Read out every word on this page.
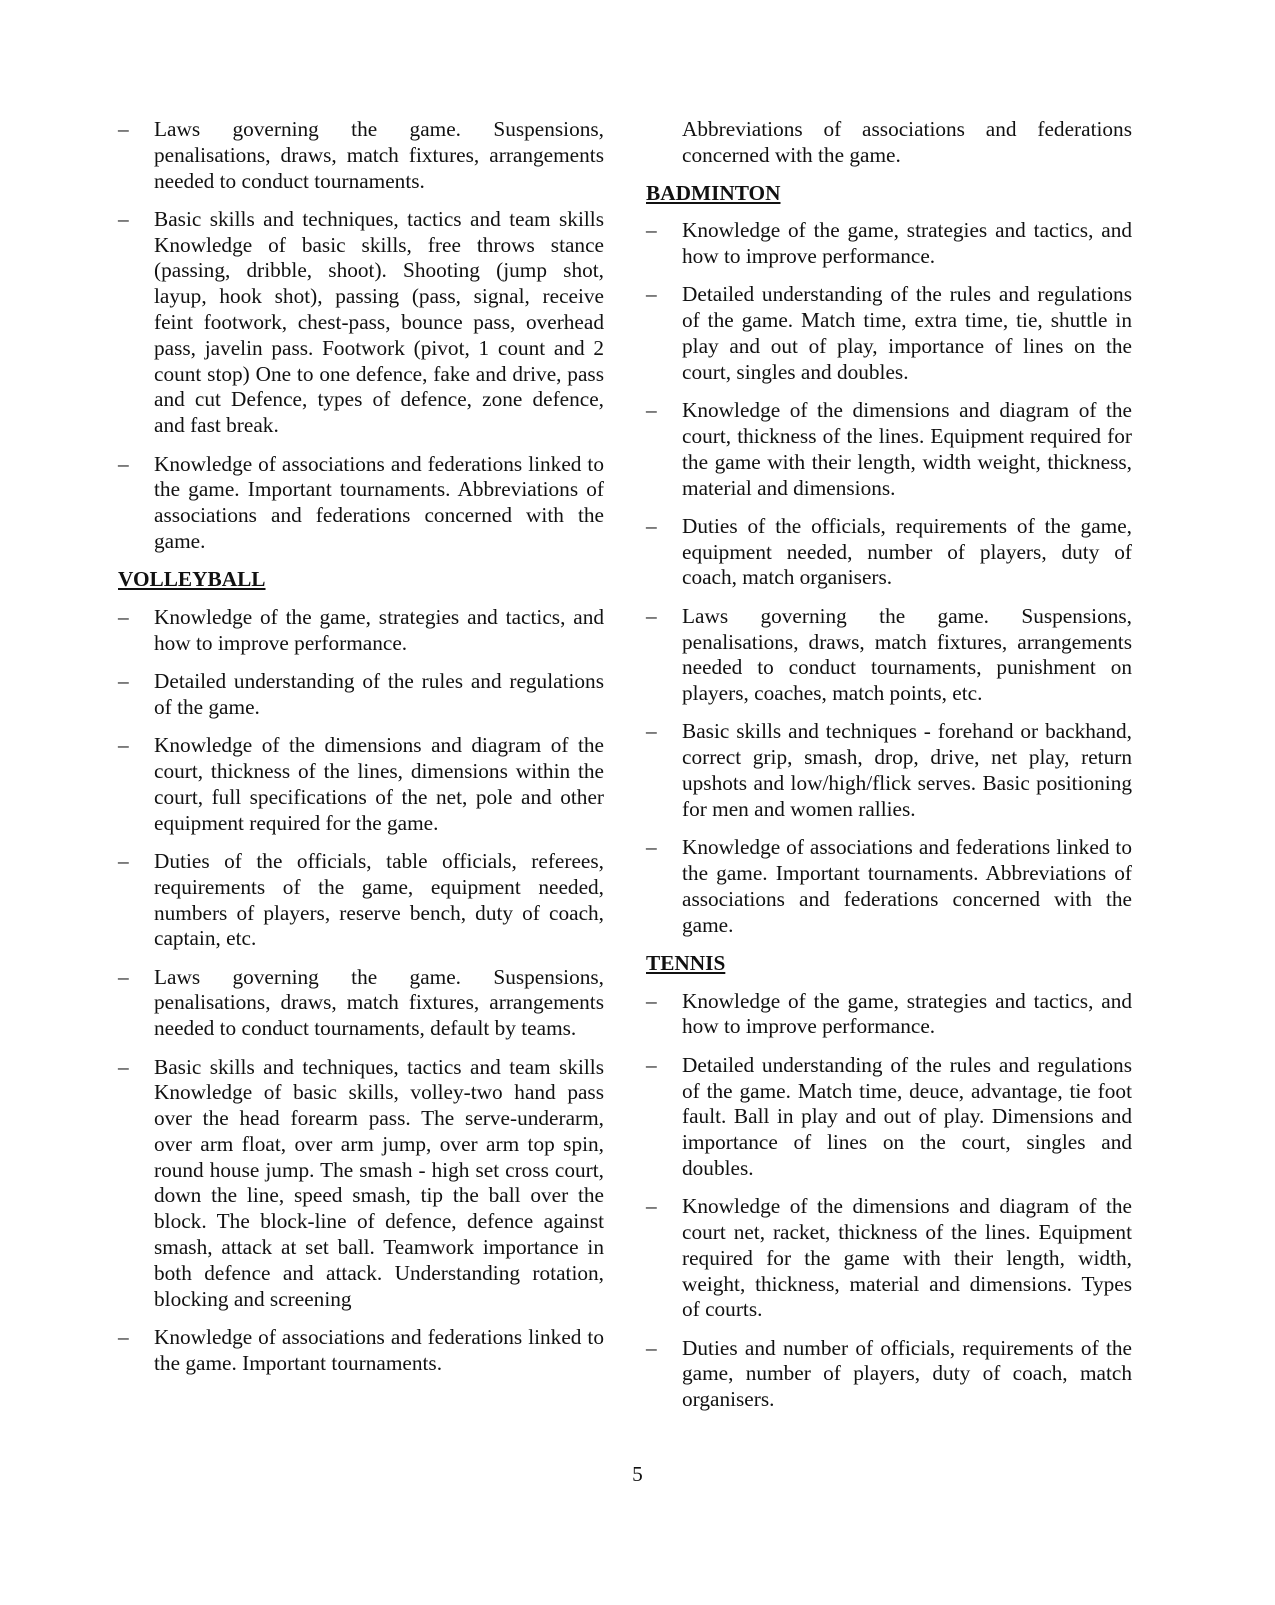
– Laws governing the game. Suspensions, penalisations, draws, match fixtures, arrangements needed to conduct tournaments.
– Basic skills and techniques, tactics and team skills Knowledge of basic skills, free throws stance (passing, dribble, shoot). Shooting (jump shot, layup, hook shot), passing (pass, signal, receive feint footwork, chest-pass, bounce pass, overhead pass, javelin pass. Footwork (pivot, 1 count and 2 count stop) One to one defence, fake and drive, pass and cut Defence, types of defence, zone defence, and fast break.
– Knowledge of associations and federations linked to the game. Important tournaments. Abbreviations of associations and federations concerned with the game.
VOLLEYBALL
– Knowledge of the game, strategies and tactics, and how to improve performance.
– Detailed understanding of the rules and regulations of the game.
– Knowledge of the dimensions and diagram of the court, thickness of the lines, dimensions within the court, full specifications of the net, pole and other equipment required for the game.
– Duties of the officials, table officials, referees, requirements of the game, equipment needed, numbers of players, reserve bench, duty of coach, captain, etc.
– Laws governing the game. Suspensions, penalisations, draws, match fixtures, arrangements needed to conduct tournaments, default by teams.
– Basic skills and techniques, tactics and team skills Knowledge of basic skills, volley-two hand pass over the head forearm pass. The serve-underarm, over arm float, over arm jump, over arm top spin, round house jump. The smash - high set cross court, down the line, speed smash, tip the ball over the block. The block-line of defence, defence against smash, attack at set ball. Teamwork importance in both defence and attack. Understanding rotation, blocking and screening
– Knowledge of associations and federations linked to the game. Important tournaments.
Abbreviations of associations and federations concerned with the game.
BADMINTON
– Knowledge of the game, strategies and tactics, and how to improve performance.
– Detailed understanding of the rules and regulations of the game. Match time, extra time, tie, shuttle in play and out of play, importance of lines on the court, singles and doubles.
– Knowledge of the dimensions and diagram of the court, thickness of the lines. Equipment required for the game with their length, width weight, thickness, material and dimensions.
– Duties of the officials, requirements of the game, equipment needed, number of players, duty of coach, match organisers.
– Laws governing the game. Suspensions, penalisations, draws, match fixtures, arrangements needed to conduct tournaments, punishment on players, coaches, match points, etc.
– Basic skills and techniques - forehand or backhand, correct grip, smash, drop, drive, net play, return upshots and low/high/flick serves. Basic positioning for men and women rallies.
– Knowledge of associations and federations linked to the game. Important tournaments. Abbreviations of associations and federations concerned with the game.
TENNIS
– Knowledge of the game, strategies and tactics, and how to improve performance.
– Detailed understanding of the rules and regulations of the game. Match time, deuce, advantage, tie foot fault. Ball in play and out of play. Dimensions and importance of lines on the court, singles and doubles.
– Knowledge of the dimensions and diagram of the court net, racket, thickness of the lines. Equipment required for the game with their length, width, weight, thickness, material and dimensions. Types of courts.
– Duties and number of officials, requirements of the game, number of players, duty of coach, match organisers.
5
